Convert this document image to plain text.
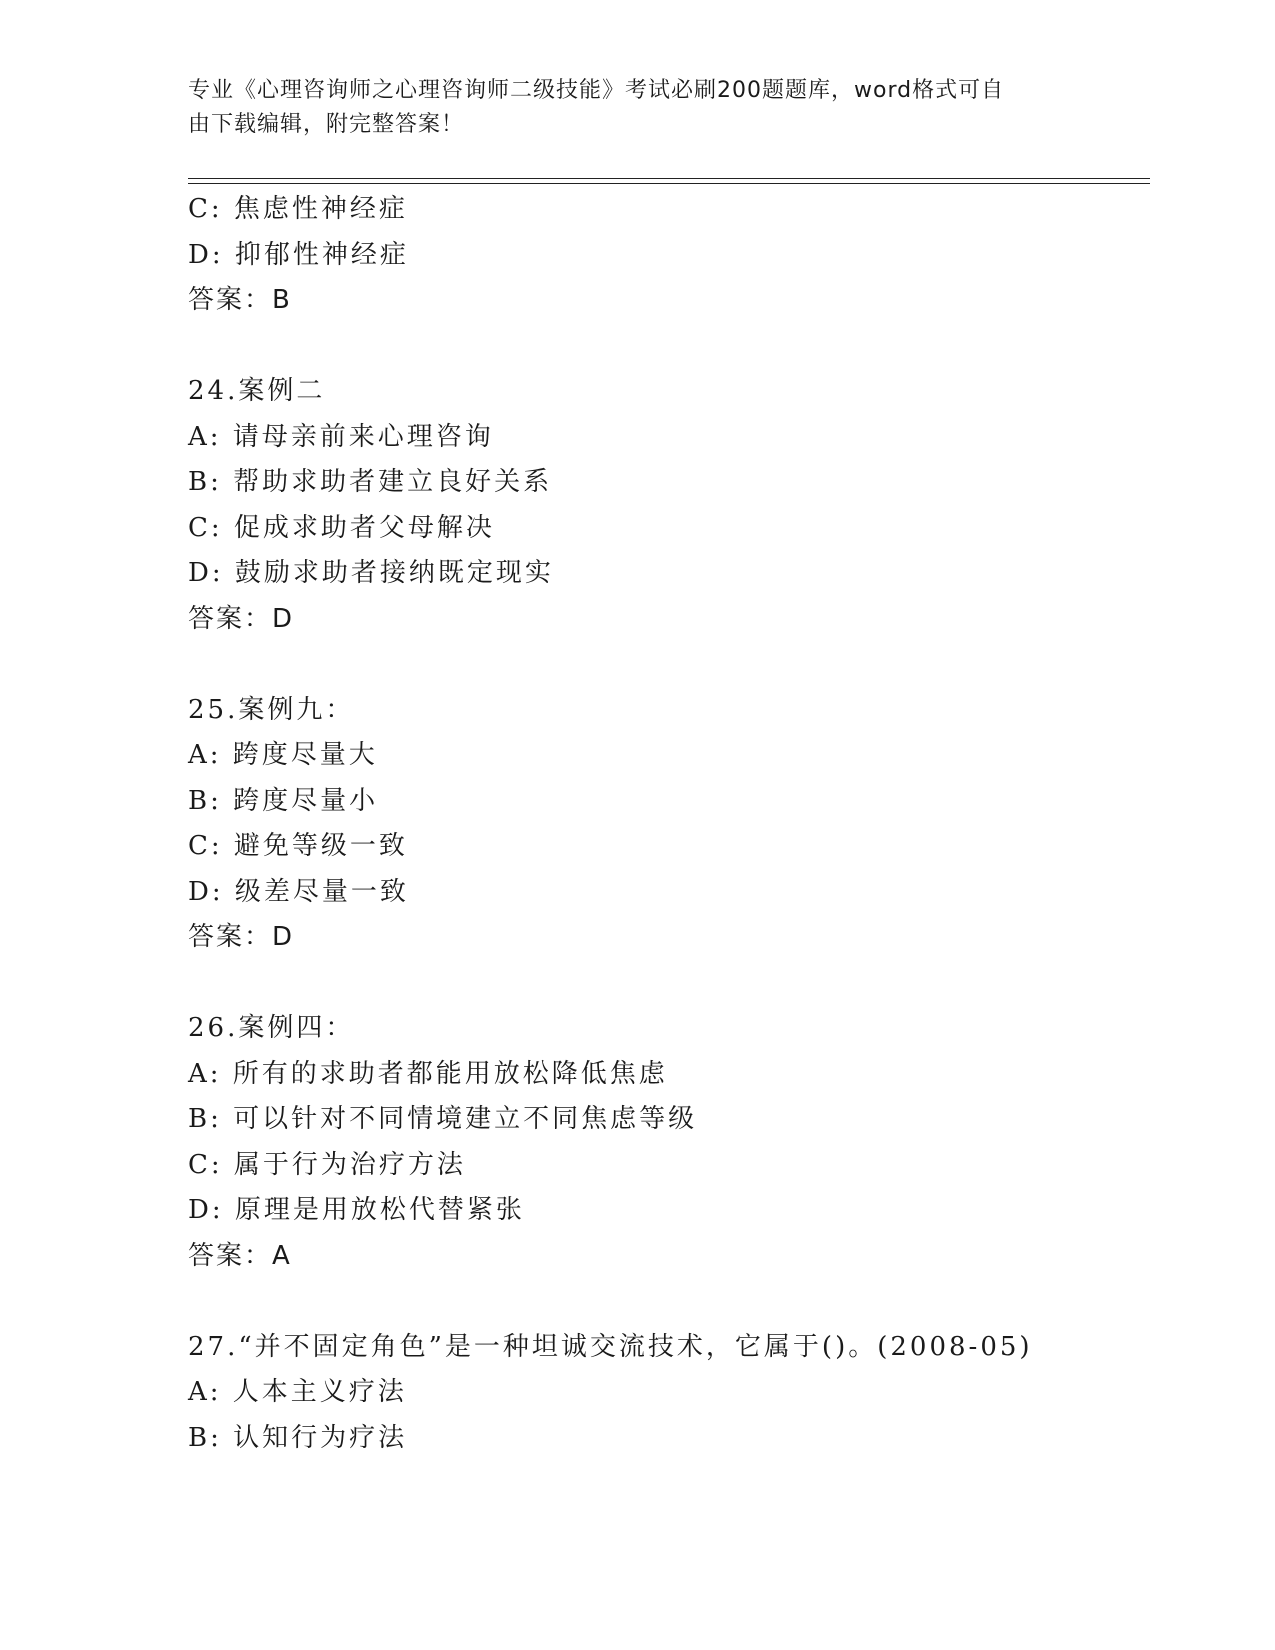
专业《心理咨询师之心理咨询师二级技能》考试必刷200题题库，word格式可自
由下载编辑，附完整答案！
C: 焦虑性神经症
D: 抑郁性神经症
答案：B
24.案例二
A: 请母亲前来心理咨询
B: 帮助求助者建立良好关系
C: 促成求助者父母解决
D: 鼓励求助者接纳既定现实
答案：D
25.案例九：
A: 跨度尽量大
B: 跨度尽量小
C: 避免等级一致
D: 级差尽量一致
答案：D
26.案例四：
A: 所有的求助者都能用放松降低焦虑
B: 可以针对不同情境建立不同焦虑等级
C: 属于行为治疗方法
D: 原理是用放松代替紧张
答案：A
27.“并不固定角色”是一种坦诚交流技术，它属于()。(2008-05)
A: 人本主义疗法
B: 认知行为疗法
